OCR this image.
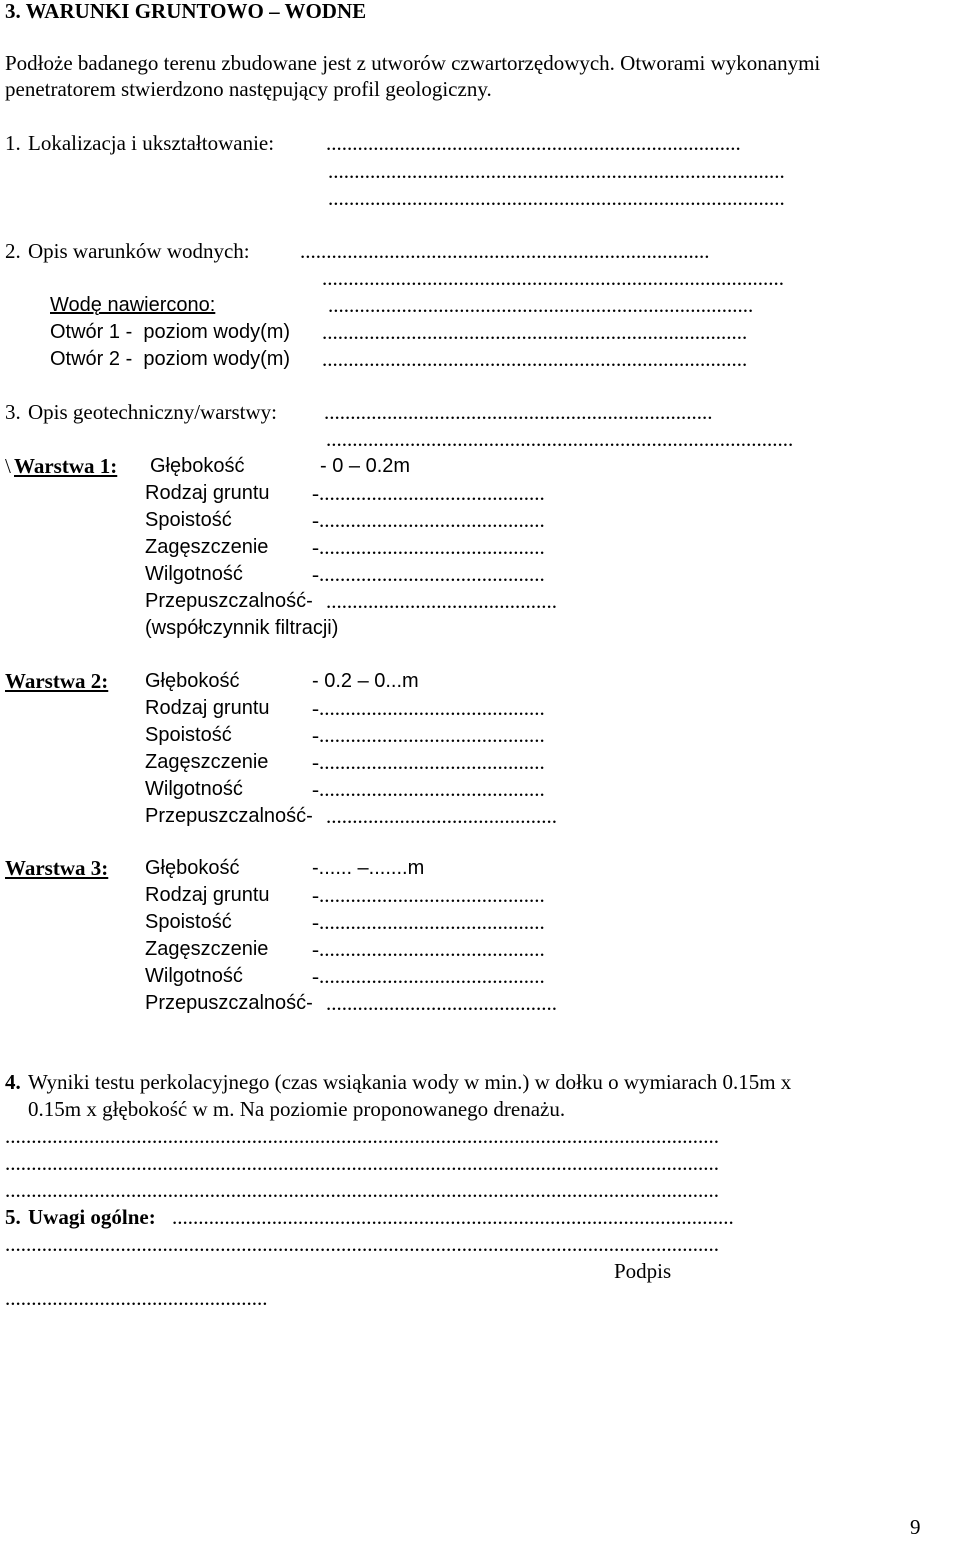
3. WARUNKI GRUNTOWO – WODNE
Podłoże badanego terenu zbudowane jest z utworów czwartorzędowych. Otworami wykonanymi
penetratorem stwierdzono następujący profil geologiczny.
1. Lokalizacja i ukształtowanie: ...............................................................................
.......................................................................................
.......................................................................................
2. Opis warunków wodnych: ..............................................................................
........................................................................................
Wodę nawiercono:	.................................................................................
Otwór 1 -  poziom wody(m) .................................................................................
Otwór 2 -  poziom wody(m) .................................................................................
3. Opis geotechniczny/warstwy: ..........................................................................
.........................................................................................
\ Warstwa 1: Głębokość	- 0 – 0.2m
Rodzaj gruntu -...........................................
Spoistość	-...........................................
Zagęszczenie -...........................................
Wilgotność	-...........................................
Przepuszczalność- ............................................
(współczynnik filtracji)
Warstwa 2: Głębokość	- 0.2 – 0...m
Rodzaj gruntu -...........................................
Spoistość	-...........................................
Zagęszczenie -...........................................
Wilgotność	-...........................................
Przepuszczalność- ............................................
Warstwa 3: Głębokość	-...... –.......m
Rodzaj gruntu -...........................................
Spoistość	-...........................................
Zagęszczenie -...........................................
Wilgotność	-...........................................
Przepuszczalność- ............................................
4. Wyniki testu perkolacyjnego (czas wsiąkania wody w min.) w dołku o wymiarach 0.15m x
0.15m x głębokość w m. Na poziomie proponowanego drenażu.
........................................................................................................................................
........................................................................................................................................
........................................................................................................................................
5. Uwagi ogólne: ...........................................................................................................
........................................................................................................................................
Podpis
..................................................
9
